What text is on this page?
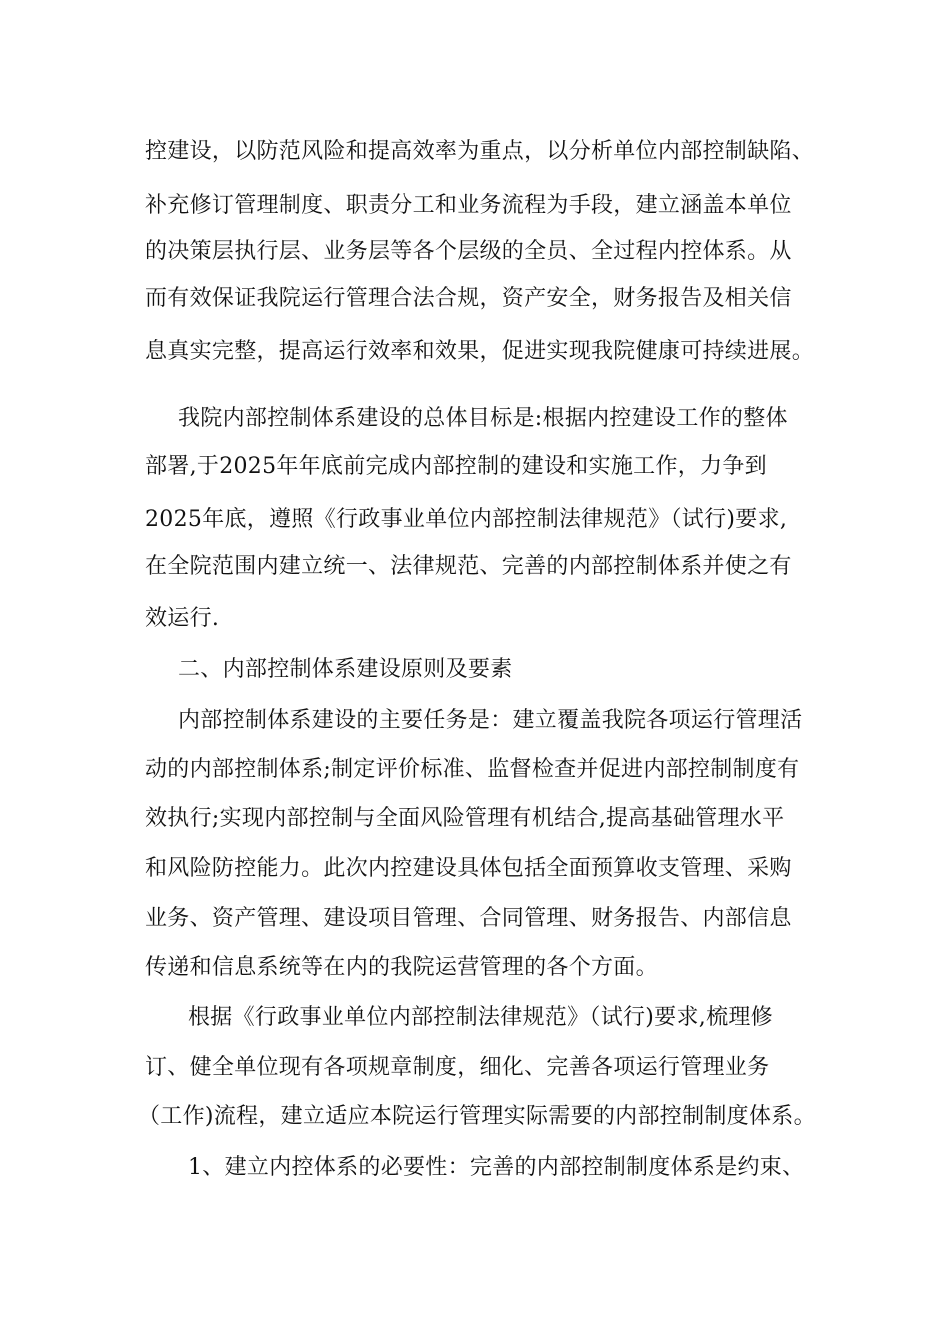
控建设，以防范风险和提高效率为重点，以分析单位内部控制缺陷、
补充修订管理制度、职责分工和业务流程为手段，建立涵盖本单位
的决策层执行层、业务层等各个层级的全员、全过程内控体系。从
而有效保证我院运行管理合法合规，资产安全，财务报告及相关信
息真实完整，提高运行效率和效果，促进实现我院健康可持续进展。
我院内部控制体系建设的总体目标是:根据内控建设工作的整体
部署,于2025年年底前完成内部控制的建设和实施工作，力争到
2025年底，遵照《行政事业单位内部控制法律规范》（试行)要求,
在全院范围内建立统一、法律规范、完善的内部控制体系并使之有
效运行.
二、内部控制体系建设原则及要素
内部控制体系建设的主要任务是：建立覆盖我院各项运行管理活
动的内部控制体系;制定评价标准、监督检查并促进内部控制制度有
效执行;实现内部控制与全面风险管理有机结合,提高基础管理水平
和风险防控能力。此次内控建设具体包括全面预算收支管理、采购
业务、资产管理、建设项目管理、合同管理、财务报告、内部信息
传递和信息系统等在内的我院运营管理的各个方面。
根据《行政事业单位内部控制法律规范》（试行)要求,梳理修
订、健全单位现有各项规章制度，细化、完善各项运行管理业务
（工作)流程，建立适应本院运行管理实际需要的内部控制制度体系。
1、建立内控体系的必要性：完善的内部控制制度体系是约束、
